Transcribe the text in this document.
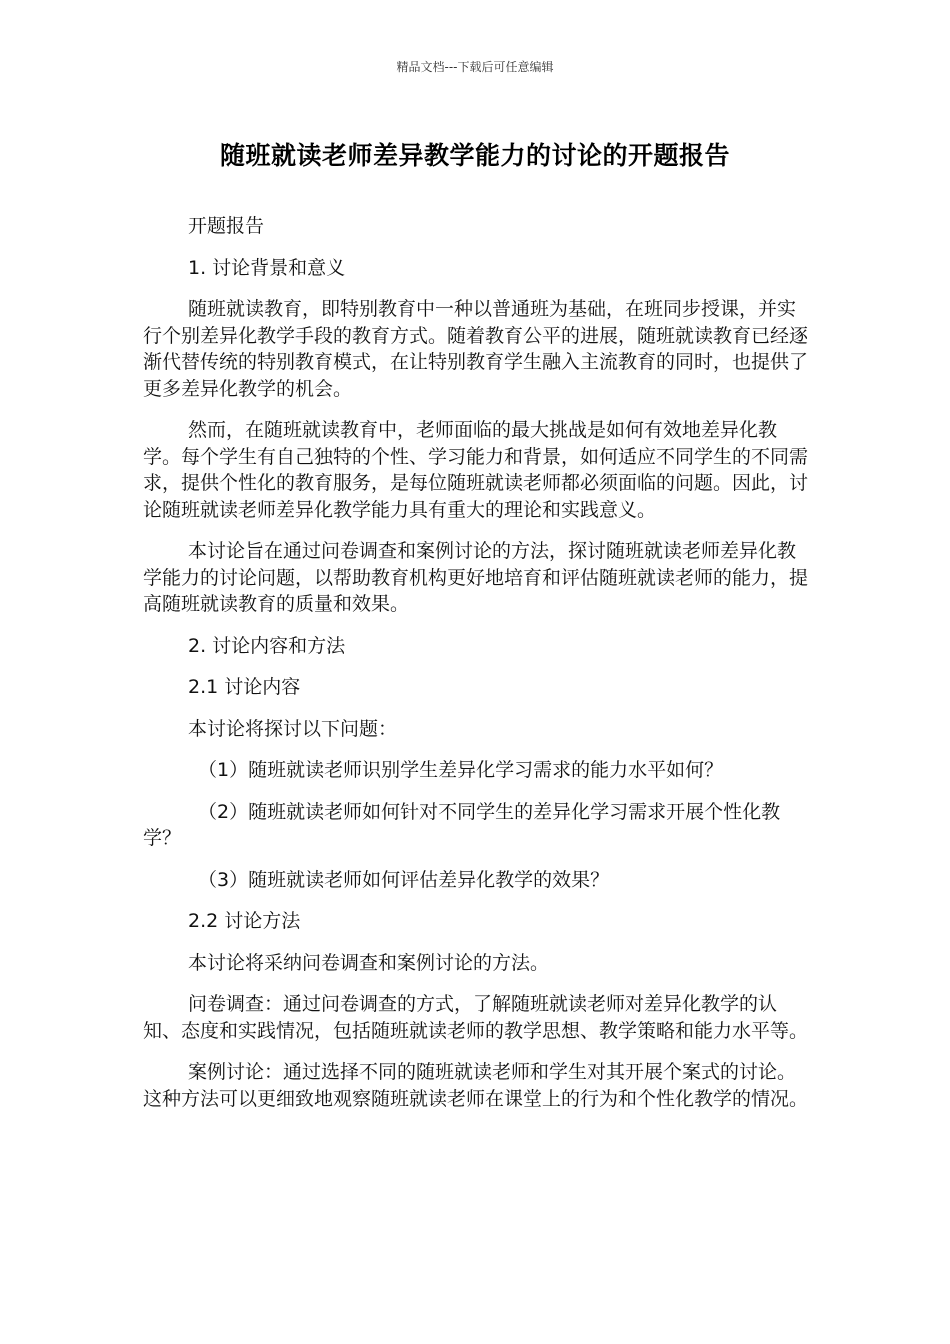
精品文档---下载后可任意编辑
随班就读老师差异教学能力的讨论的开题报告

开题报告

1. 讨论背景和意义

随班就读教育，即特别教育中一种以普通班为基础，在班同步授课，并实行个别差异化教学手段的教育方式。随着教育公平的进展，随班就读教育已经逐渐代替传统的特别教育模式，在让特别教育学生融入主流教育的同时，也提供了更多差异化教学的机会。

然而，在随班就读教育中，老师面临的最大挑战是如何有效地差异化教学。每个学生有自己独特的个性、学习能力和背景，如何适应不同学生的不同需求，提供个性化的教育服务，是每位随班就读老师都必须面临的问题。因此，讨论随班就读老师差异化教学能力具有重大的理论和实践意义。

本讨论旨在通过问卷调查和案例讨论的方法，探讨随班就读老师差异化教学能力的讨论问题，以帮助教育机构更好地培育和评估随班就读老师的能力，提高随班就读教育的质量和效果。

2. 讨论内容和方法

2.1 讨论内容

本讨论将探讨以下问题：

（1）随班就读老师识别学生差异化学习需求的能力水平如何？

（2）随班就读老师如何针对不同学生的差异化学习需求开展个性化教学？

（3）随班就读老师如何评估差异化教学的效果？

2.2 讨论方法

本讨论将采纳问卷调查和案例讨论的方法。

问卷调查：通过问卷调查的方式，了解随班就读老师对差异化教学的认知、态度和实践情况，包括随班就读老师的教学思想、教学策略和能力水平等。

案例讨论：通过选择不同的随班就读老师和学生对其开展个案式的讨论。这种方法可以更细致地观察随班就读老师在课堂上的行为和个性化教学的情况。
